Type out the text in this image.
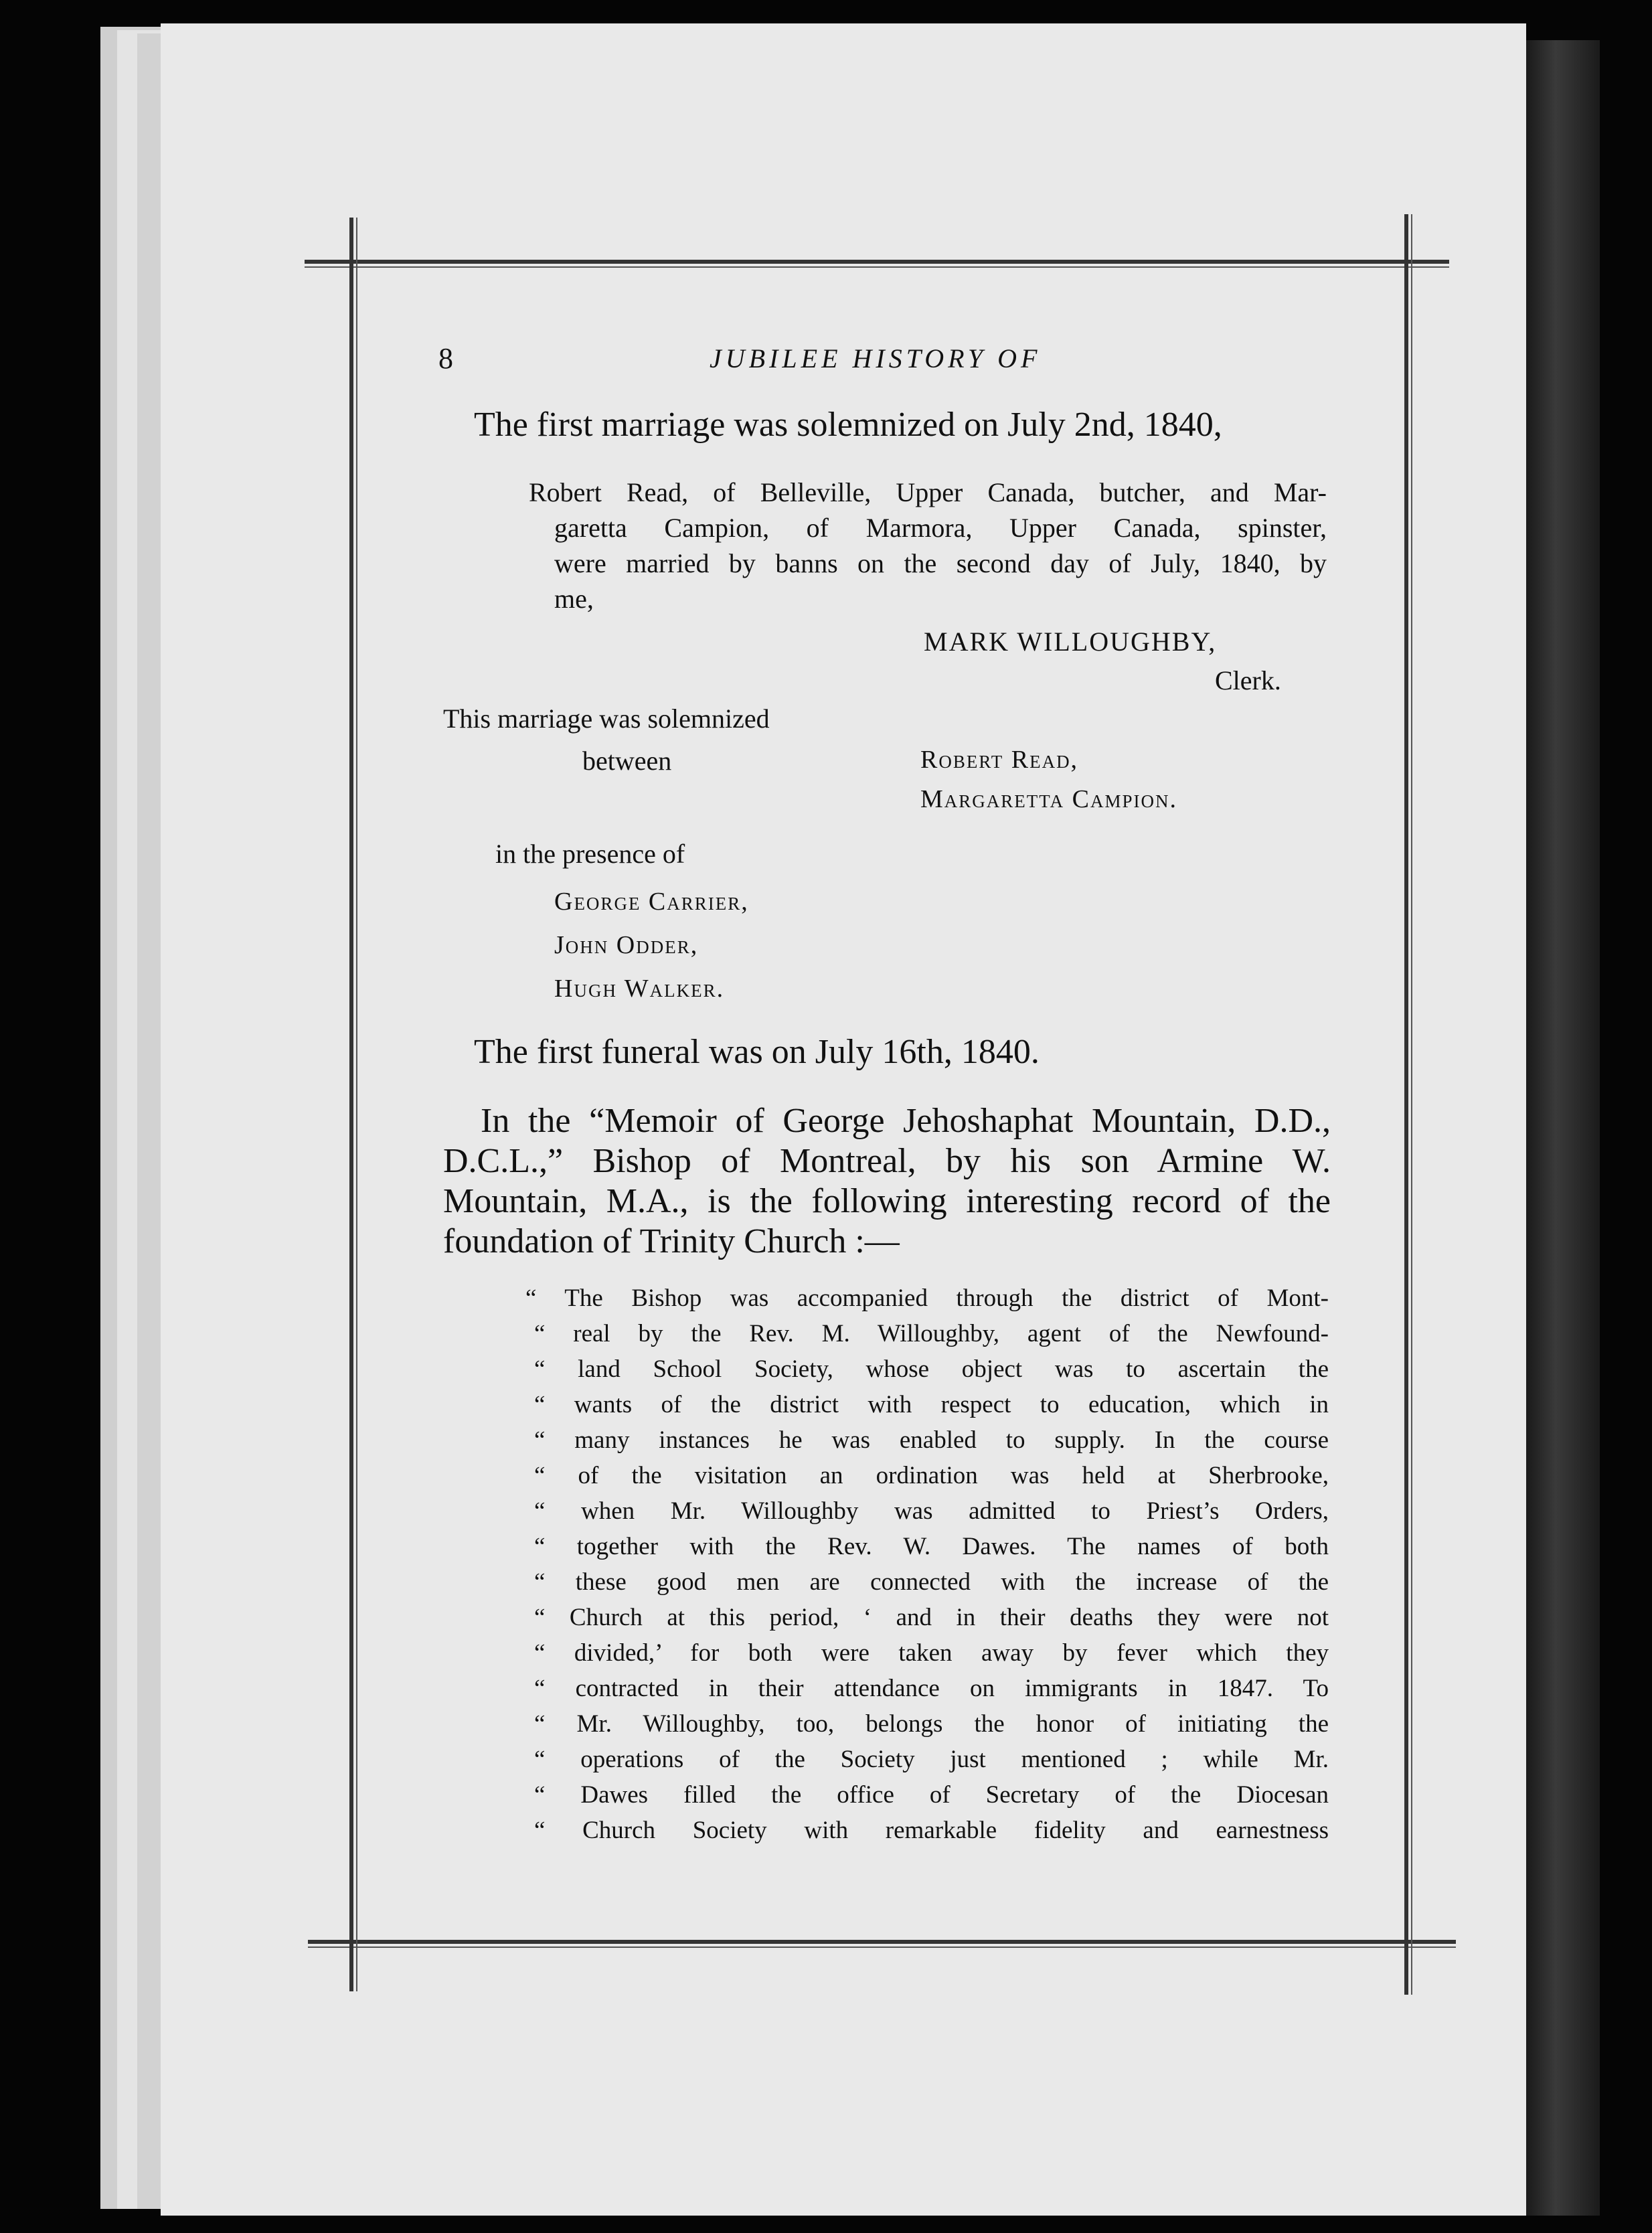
8	JUBILEE HISTORY OF
The first marriage was solemnized on July 2nd, 1840,
Robert Read, of Belleville, Upper Canada, butcher, and Mar-
garetta Campion, of Marmora, Upper Canada, spinster,
were married by banns on the second day of July, 1840, by
me,
MARK WILLOUGHBY,
Clerk.
This marriage was solemnized
between	Robert Read,
Margaretta Campion.
in the presence of
George Carrier,
John Odder,
Hugh Walker.
The first funeral was on July 16th, 1840.
In the “Memoir of George Jehoshaphat Mountain, D.D.,
D.C.L.,” Bishop of Montreal, by his son Armine W.
Mountain, M.A., is the following interesting record of the
foundation of Trinity Church :—
“ The Bishop was accompanied through the district of Mont-
“ real by the Rev. M. Willoughby, agent of the Newfound-
“ land School Society, whose object was to ascertain the
“ wants of the district with respect to education, which in
“ many instances he was enabled to supply. In the course
“ of the visitation an ordination was held at Sherbrooke,
“ when Mr. Willoughby was admitted to Priest’s Orders,
“ together with the Rev. W. Dawes. The names of both
“ these good men are connected with the increase of the
“ Church at this period, ‘ and in their deaths they were not
“ divided,’ for both were taken away by fever which they
“ contracted in their attendance on immigrants in 1847. To
“ Mr. Willoughby, too, belongs the honor of initiating the
“ operations of the Society just mentioned ; while Mr.
“ Dawes filled the office of Secretary of the Diocesan
“ Church Society with remarkable fidelity and earnestness
